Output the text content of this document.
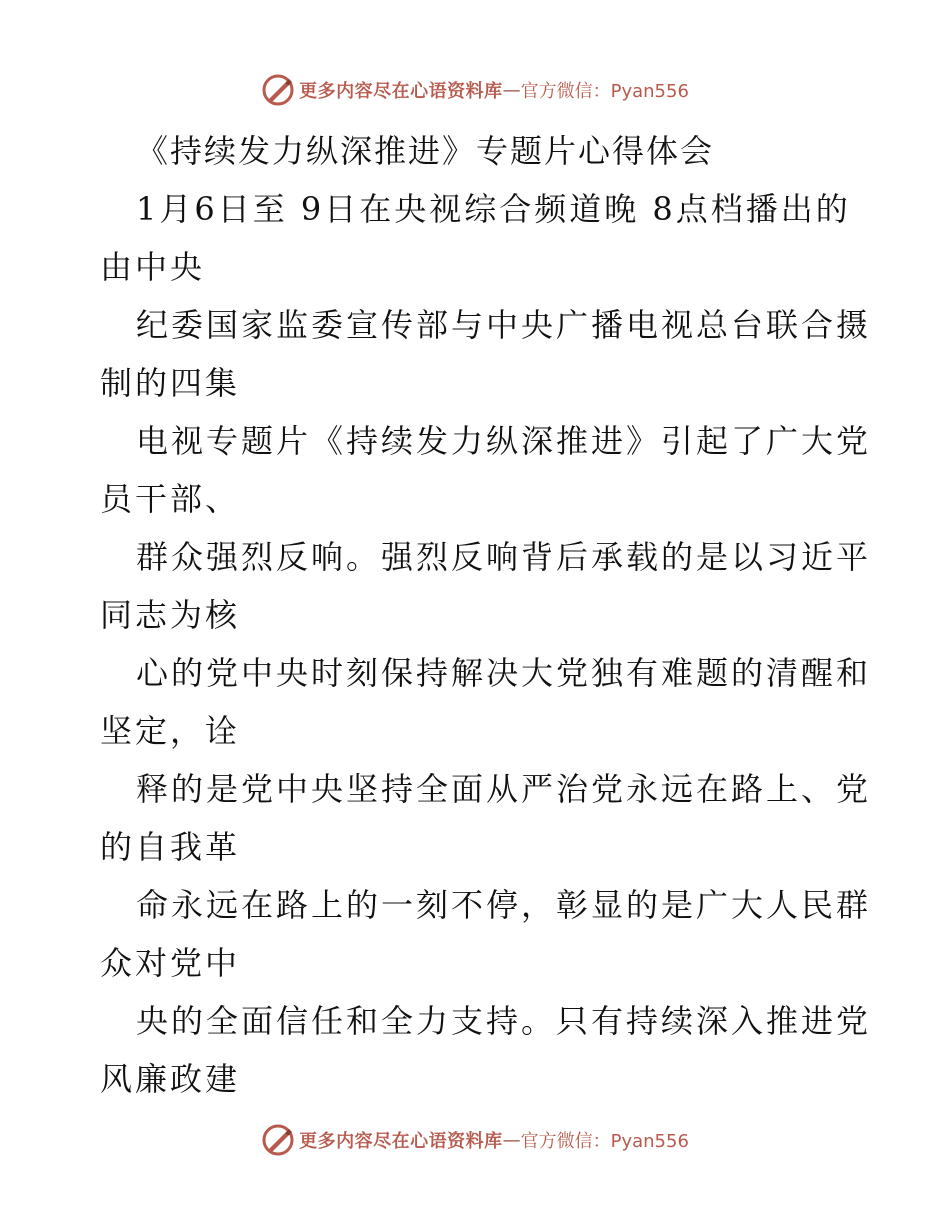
更多内容尽在心语资料库 — 官方微信：Pyan556
《持续发力纵深推进》专题片心得体会
1月6日至 9日在央视综合频道晚 8点档播出的
由中央
纪委国家监委宣传部与中央广播电视总台联合摄
制的四集
电视专题片《持续发力纵深推进》引起了广大党
员干部、
群众强烈反响。强烈反响背后承载的是以习近平
同志为核
心的党中央时刻保持解决大党独有难题的清醒和
坚定，诠
释的是党中央坚持全面从严治党永远在路上、党
的自我革
命永远在路上的一刻不停，彰显的是广大人民群
众对党中
央的全面信任和全力支持。只有持续深入推进党
风廉政建
更多内容尽在心语资料库 — 官方微信：Pyan556
